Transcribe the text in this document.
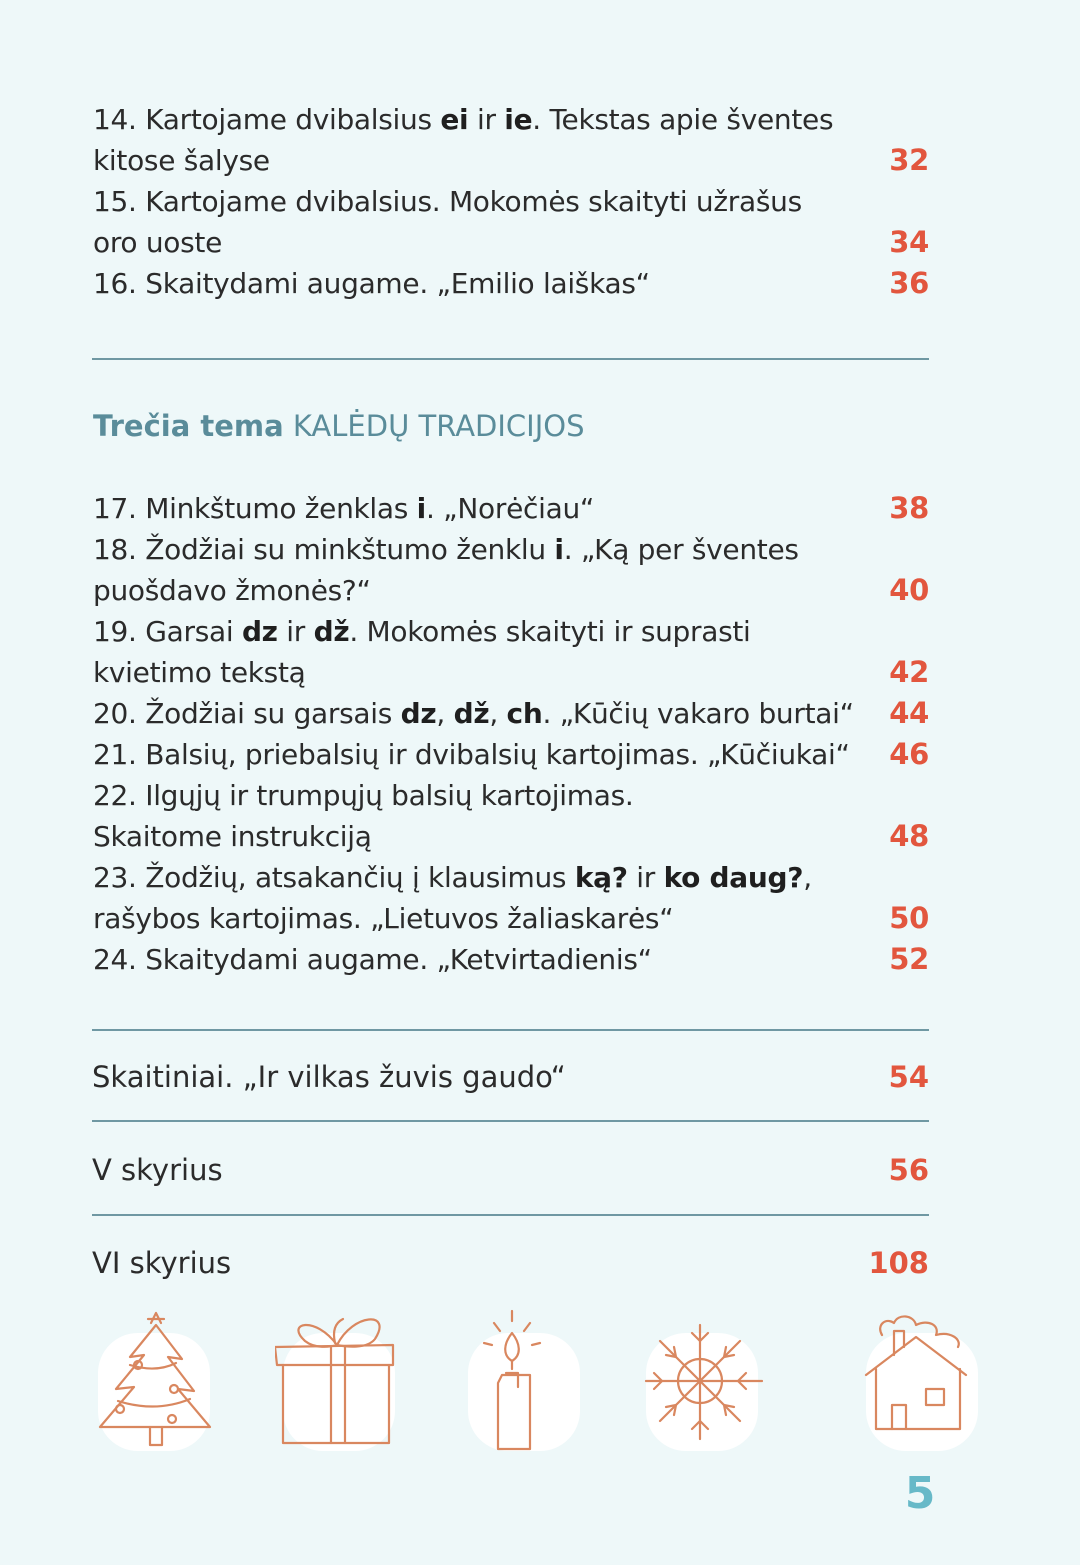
14. Kartojame dvibalsius ei ir ie. Tekstas apie šventes
kitose šalyse	32
15. Kartojame dvibalsius. Mokomės skaityti užrašus
oro uoste	34
16. Skaitydami augame. „Emilio laiškas“	36
Trečia tema KALĖDŲ TRADICIJOS
17. Minkštumo ženklas i. „Norėčiau“	38
18. Žodžiai su minkštumo ženklu i. „Ką per šventes
puošdavo žmonės?“	40
19. Garsai dz ir dž. Mokomės skaityti ir suprasti
kvietimo tekstą	42
20. Žodžiai su garsais dz, dž, ch. „Kūčių vakaro burtai“ 44
21. Balsių, priebalsių ir dvibalsių kartojimas. „Kūčiukai“ 46
22. Ilgųjų ir trumpųjų balsių kartojimas.
Skaitome instrukciją	48
23. Žodžių, atsakančių į klausimus ką? ir ko daug?,
rašybos kartojimas. „Lietuvos žaliaskarės“	50
24. Skaitydami augame. „Ketvirtadienis“	52
Skaitiniai. „Ir vilkas žuvis gaudo“	54
V skyrius	56
VI skyrius	108
5
